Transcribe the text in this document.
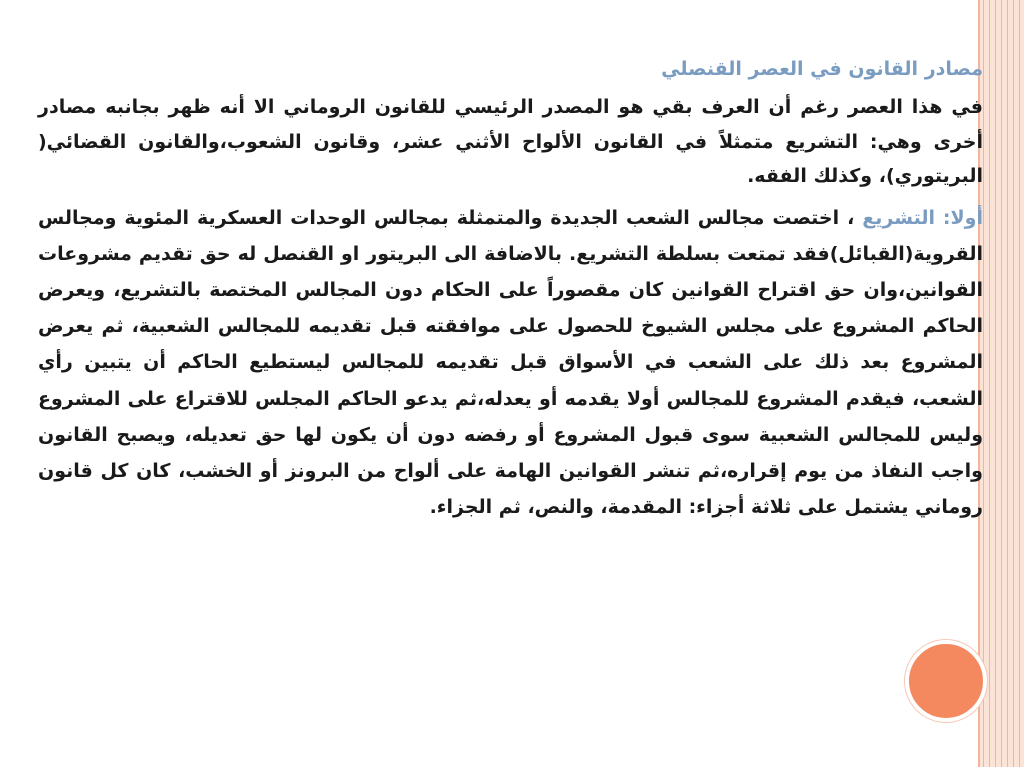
مصادر القانون في العصر القنصلي

في هذا العصر رغم أن العرف بقي هو المصدر الرئيسي للقانون الروماني الا أنه ظهر بجانبه مصادر أخرى وهي: التشريع متمثلاً في القانون الألواح الأثني عشر، وقانون الشعوب،والقانون القضائي( البريتوري)، وكذلك الفقه.

أولا: التشريع ، اختصت مجالس الشعب الجديدة والمتمثلة بمجالس الوحدات العسكرية المئوية ومجالس القروية(القبائل)فقد تمتعت بسلطة التشريع. بالاضافة الى البريتور او القنصل له حق تقديم مشروعات القوانين،وان حق اقتراح القوانين كان مقصوراً على الحكام دون المجالس المختصة بالتشريع، ويعرض الحاكم المشروع على مجلس الشيوخ للحصول على موافقته قبل تقديمه للمجالس الشعبية، ثم يعرض المشروع بعد ذلك على الشعب في الأسواق قبل تقديمه للمجالس ليستطيع الحاكم أن يتبين رأي الشعب، فيقدم المشروع للمجالس أولا يقدمه أو يعدله،ثم يدعو الحاكم المجلس للاقتراع على المشروع وليس للمجالس الشعبية سوى قبول المشروع أو رفضه دون أن يكون لها حق تعديله، ويصبح القانون واجب النفاذ من يوم إقراره،ثم تنشر القوانين الهامة على ألواح من البرونز أو الخشب، كان كل قانون روماني يشتمل على ثلاثة أجزاء: المقدمة، والنص، ثم الجزاء.
